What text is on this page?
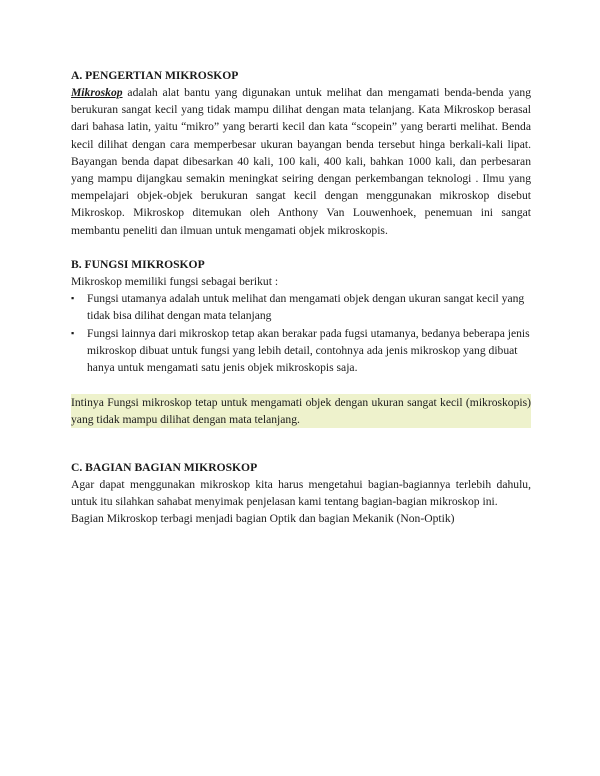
A. PENGERTIAN MIKROSKOP

Mikroskop adalah alat bantu yang digunakan untuk melihat dan mengamati benda-benda yang berukuran sangat kecil yang tidak mampu dilihat dengan mata telanjang. Kata Mikroskop berasal dari bahasa latin, yaitu “mikro” yang berarti kecil dan kata “scopein” yang berarti melihat. Benda kecil dilihat dengan cara memperbesar ukuran bayangan benda tersebut hinga berkali-kali lipat. Bayangan benda dapat dibesarkan 40 kali, 100 kali, 400 kali, bahkan 1000 kali, dan perbesaran yang mampu dijangkau semakin meningkat seiring dengan perkembangan teknologi . Ilmu yang mempelajari objek-objek berukuran sangat kecil dengan menggunakan mikroskop disebut Mikroskop. Mikroskop ditemukan oleh Anthony Van Louwenhoek, penemuan ini sangat membantu peneliti dan ilmuan untuk mengamati objek mikroskopis.

B. FUNGSI MIKROSKOP

Mikroskop memiliki fungsi sebagai berikut :

▪ Fungsi utamanya adalah untuk melihat dan mengamati objek dengan ukuran sangat kecil yang tidak bisa dilihat dengan mata telanjang
▪ Fungsi lainnya dari mikroskop tetap akan berakar pada fugsi utamanya, bedanya beberapa jenis mikroskop dibuat untuk fungsi yang lebih detail, contohnya ada jenis mikroskop yang dibuat hanya untuk mengamati satu jenis objek mikroskopis saja.

Intinya Fungsi mikroskop tetap untuk mengamati objek dengan ukuran sangat kecil (mikroskopis) yang tidak mampu dilihat dengan mata telanjang.

C. BAGIAN BAGIAN MIKROSKOP

Agar dapat menggunakan mikroskop kita harus mengetahui bagian-bagiannya terlebih dahulu, untuk itu silahkan sahabat menyimak penjelasan kami tentang bagian-bagian mikroskop ini.

Bagian Mikroskop terbagi menjadi bagian Optik dan bagian Mekanik (Non-Optik)
